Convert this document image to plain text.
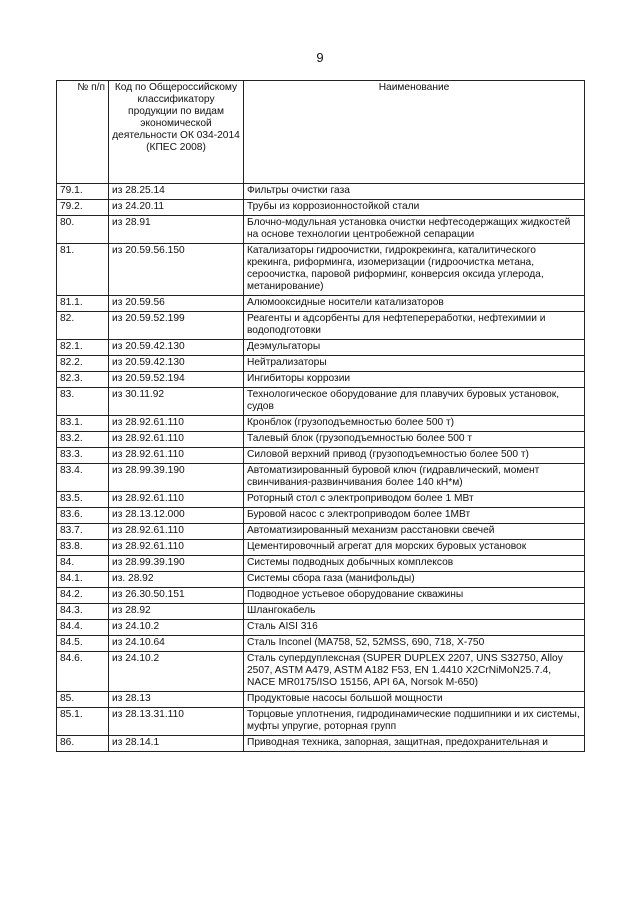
9
№ п/п	Код по Общероссийскому классификатору продукции по видам экономической деятельности ОК 034-2014 (КПЕС 2008)	Наименование
79.1.	из 28.25.14	Фильтры очистки газа
79.2.	из 24.20.11	Трубы из коррозионностойкой стали
80.	из 28.91	Блочно-модульная установка очистки нефтесодержащих жидкостей на основе технологии центробежной сепарации
81.	из 20.59.56.150	Катализаторы гидроочистки, гидрокрекинга, каталитического крекинга, риформинга, изомеризации (гидроочистка метана, сероочистка, паровой риформинг, конверсия оксида углерода, метанирование)
81.1.	из 20.59.56	Алюмооксидные носители катализаторов
82.	из 20.59.52.199	Реагенты и адсорбенты для нефтепереработки, нефтехимии и водоподготовки
82.1.	из 20.59.42.130	Деэмульгаторы
82.2.	из 20.59.42.130	Нейтрализаторы
82.3.	из 20.59.52.194	Ингибиторы коррозии
83.	из 30.11.92	Технологическое оборудование для плавучих буровых установок, судов
83.1.	из 28.92.61.110	Кронблок (грузоподъемностью более 500 т)
83.2.	из 28.92.61.110	Талевый блок (грузоподъемностью более 500 т
83.3.	из 28.92.61.110	Силовой верхний привод (грузоподъемностью более 500 т)
83.4.	из 28.99.39.190	Автоматизированный буровой ключ (гидравлический, момент свинчивания-развинчивания более 140 кН*м)
83.5.	из 28.92.61.110	Роторный стол с электроприводом более 1 МВт
83.6.	из 28.13.12.000	Буровой насос с электроприводом более 1МВт
83.7.	из 28.92.61.110	Автоматизированный механизм расстановки свечей
83.8.	из 28.92.61.110	Цементировочный агрегат для морских буровых установок
84.	из 28.99.39.190	Системы подводных добычных комплексов
84.1.	из. 28.92	Системы сбора газа (манифольды)
84.2.	из 26.30.50.151	Подводное устьевое оборудование скважины
84.3.	из 28.92	Шлангокабель
84.4.	из 24.10.2	Сталь AISI 316
84.5.	из 24.10.64	Сталь Inconel (MA758, 52, 52MSS, 690, 718, X-750
84.6.	из 24.10.2	Сталь супердуплексная (SUPER DUPLEX 2207, UNS S32750, Alloy 2507, ASTM A479, ASTM A182 F53, EN 1.4410 X2CrNiMoN25.7.4, NACE MR0175/ISO 15156, API 6A, Norsok M-650)
85.	из 28.13	Продуктовые насосы большой мощности
85.1.	из 28.13.31.110	Торцовые уплотнения, гидродинамические подшипники и их системы, муфты упругие, роторная групп
86.	из 28.14.1	Приводная техника, запорная, защитная, предохранительная и
